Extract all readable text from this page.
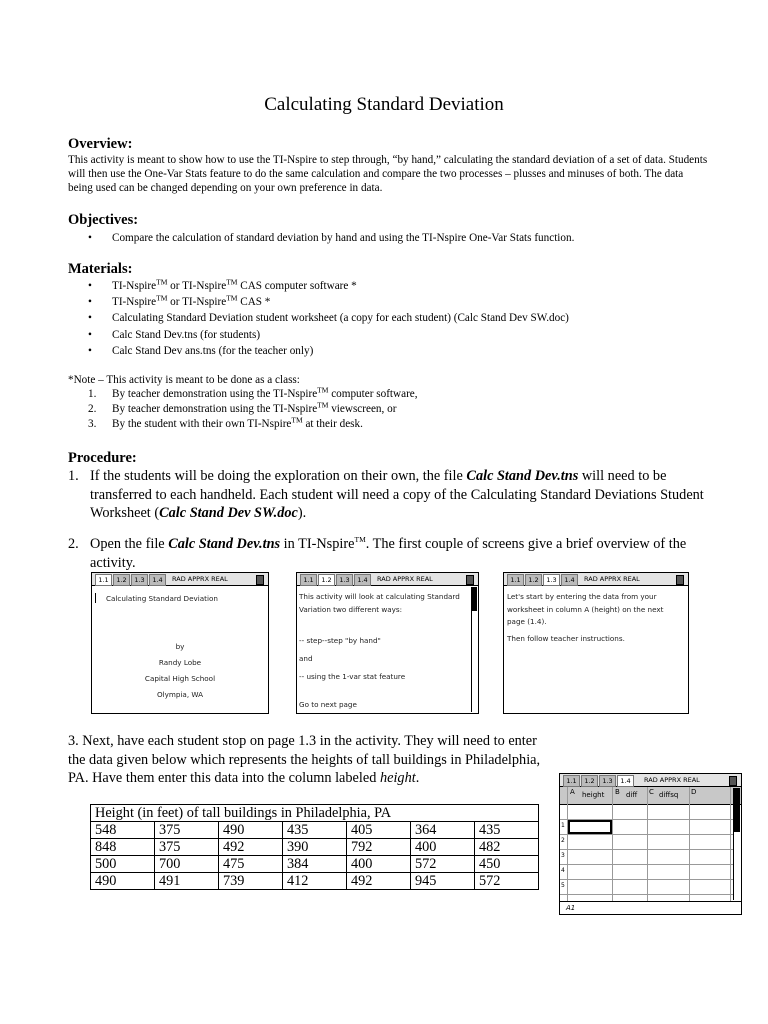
Calculating Standard Deviation
Overview:
This activity is meant to show how to use the TI-Nspire to step through, “by hand,” calculating the standard deviation of a set of data. Students will then use the One-Var Stats feature to do the same calculation and compare the two processes – plusses and minuses of both. The data being used can be changed depending on your own preference in data.
Objectives:
• Compare the calculation of standard deviation by hand and using the TI-Nspire One-Var Stats function.
Materials:
• TI-Nspire™ or TI-Nspire™ CAS computer software *
• TI-Nspire™ or TI-Nspire™ CAS *
• Calculating Standard Deviation student worksheet (a copy for each student) (Calc Stand Dev SW.doc)
• Calc Stand Dev.tns (for students)
• Calc Stand Dev ans.tns (for the teacher only)
*Note – This activity is meant to be done as a class:
1. By teacher demonstration using the TI-Nspire™ computer software,
2. By teacher demonstration using the TI-Nspire™ viewscreen, or
3. By the student with their own TI-Nspire™ at their desk.
Procedure:
1. If the students will be doing the exploration on their own, the file Calc Stand Dev.tns will need to be transferred to each handheld. Each student will need a copy of the Calculating Standard Deviations Student Worksheet (Calc Stand Dev SW.doc).
2. Open the file Calc Stand Dev.tns in TI-Nspire™. The first couple of screens give a brief overview of the activity.
1.1	1.2	1.3	1.4	RAD APPRX REAL
Calculating Standard Deviation
by
Randy Lobe
Capital High School
Olympia, WA
1.1	1.2	1.3	1.4	RAD APPRX REAL
This activity will look at calculating Standard Variation two different ways:
-- step--step "by hand"
and
-- using the 1-var stat feature
Go to next page
1.1	1.2	1.3	1.4	RAD APPRX REAL
Let's start by entering the data from your worksheet in column A (height) on the next page (1.4).
Then follow teacher instructions.
3. Next, have each student stop on page 1.3 in the activity. They will need to enter the data given below which represents the heights of tall buildings in Philadelphia, PA. Have them enter this data into the column labeled height.
Height (in feet) of tall buildings in Philadelphia, PA						
548	375	490	435	405	364	435
848	375	492	390	792	400	482
500	700	475	384	400	572	450
490	491	739	412	492	945	572
1.1	1.2	1.3	1.4	RAD APPRX REAL
A height B diff C diffsq D
1
2
3
4
5
A1
